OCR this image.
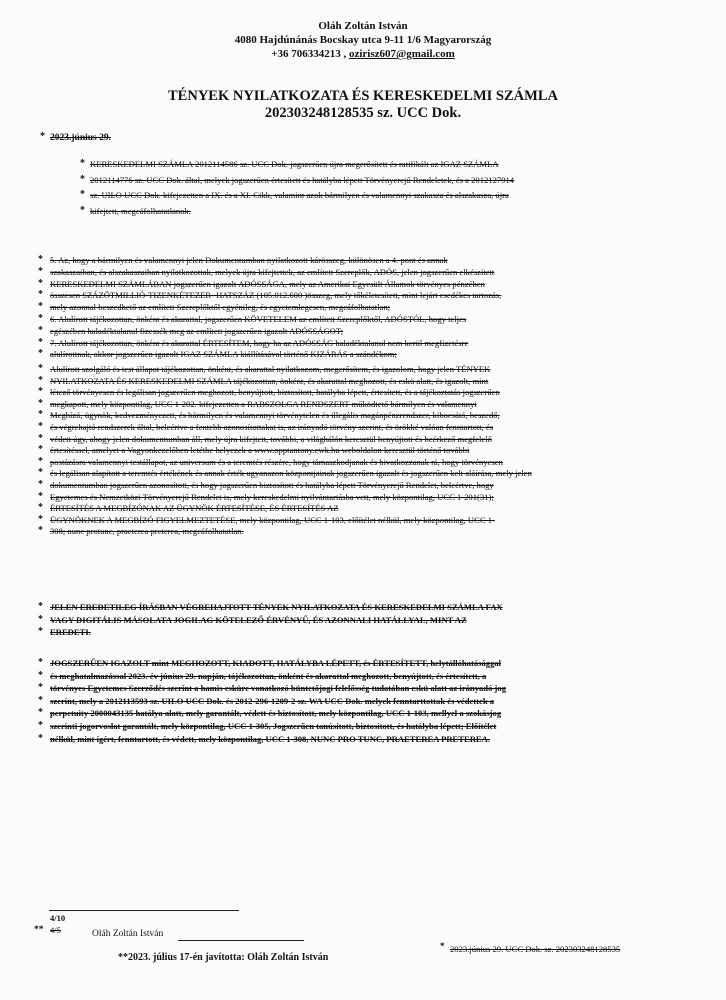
Oláh Zoltán István
4080 Hajdúnánás Bocskay utca 9-11 1/6 Magyarország
+36 706334213 , ozirisz607@gmail.com
TÉNYEK NYILATKOZATA ÉS KERESKEDELMI SZÁMLA
202303248128535 sz. UCC Dok.
* 2023.június 29.
* KERESKEDELMI SZÁMLA 2012114586 sz. UCC Dok. jogszerűen újra megerősített és ratifikált az IGAZ SZÁMLA
* 2012114776 sz. UCC Dok. által, melyek jogszerűen értesített és hatályba lépett Törvényerejű Rendeletek, és a 2012127914
* sz. UILO UCC Dok. kifejezetten a IX. és a XI. Cikk, valamint azok bármilyen és valamennyi szakasza és alszakasza, újra
* kifejtett, megcáfolhatatlanok.
* 5. Az, hogy a bármilyen és valamennyi jelen Dokumentumban nyilatkozott kárösszeg, különösen a 4. pont és annak
* szakaszaiban, és alszakaszaiban nyilatkozottak, melyek újra kifejtettek, az említett Szereplők, ADÓS, jelen jogszerűen elkészített
* KERESKEDELMI SZÁMLÁBAN jogszerűen igazolt ADÓSSÁGA, mely az Amerikai Egyesült Államok törvényes pénzében
* összesen SZÁZÖTMILLIÓ-TIZENKÉTEZER- HATSZÁZ (105.012.600 )összeg, mely tőkéletesített, mint lejárt esedékes tartozás,
* mely azonnal beszedhető az említett Szereplőktől egyénileg, és egyetemlegesen, megcáfolhatatlan;
* 6. Alulírott tájékozottan, önként és akarattal, jogszerűen KÖVETELEM az említett Szereplőktől, ADÓSTÓL, hogy teljes
* egészében haladéktalanul fizessék meg az említett jogszerűen igazolt ADÓSSÁGOT;
* 7. Alulírott tájékozottan, önként és akarattal ÉRTESÍTEM, hogy ha az ADÓSSÁG haladéktalanul nem kerül megfizetésre
* alulírottnak, akkor jogszerűen igazolt IGAZ SZÁMLA kiállításával történő KIZÁRÁS a szándékom;
* Alulírott szolgáló és test állapot tájékozottan, önként, és akarattal nyilatkozom, megerősítem, és igazolom, hogy jelen TÉNYEK
* NYILATKOZATA ÉS KERESKEDELMI SZÁMLA tájékozottan, önként, és akarattal meghozott, és eskü alatt, és igazolt, mint
* létező törvényesen és legálisan jogszerűen meghozott, benyújtott, biztosított, hatályba lépett, értesített, és a tájékoztatás jogszerűen
* megkapott, mely központilag, UCC 1-202. kifejezetten a RABSZOLGA RENDSZERT működtető bármilyen és valamennyi
* Megbízó, ügynök, kedvezményezett, és bármilyen és valamennyi törvénytelen és illegális magánpénzrendszer, kibocsátó, beszedő,
* és végrehajtó rendszerek által, beleértve a fentebb azonosítottakat is, az irányadó törvény szerint, és örökké valóan fenntartott, és
* védett úgy, ahogy jelen dokumentumban áll, mely újra kifejtett, további, a világhálón keresztül benyújtott és beérkező megfelelő
* értesítéssel, amelyet a Vagyonkezelőben letétbe helyezek a www.opptantony.ewk.hu weboldalon keresztül történő további
* postázásra valamennyi testállapot, az universum és a teremtés részére, hogy támaszkodjanak és hivatkozzanak rá, hogy törvényesen
* és legálisan alapított a teremtés értékének és annak érték ugyanazon központjainak jogszerűen igazolt és jogszerűen kelt aláírása, mely jelen
* dokumentumban jogszerűen azonosított, és hogy jogszerűen biztosított és hatályba lépett Törvényerejű Rendelet, beleértve, hogy
* Egyetemes és Nemzetközi Törvényerejű Rendelet is, mely kereskedelmi nyilvántartásba vett, mely központilag, UCC 1-201(31);
* ÉRTESÍTÉS A MEGBÍZÓNAK AZ ÜGYNÖK ÉRTESÍTÉSE, ÉS ÉRTESÍTÉS AZ
* ÜGYNÖKNEK A MEGBÍZÓ FIGYELMEZTETÉSE, mely központilag, UCC 1-103, előítélet nélkül, mely központilag, UCC 1-
* 308; nunc protunc, praeterea preterea, megcáfolhatatlan.
* JELEN EREDETILEG ÍRÁSBAN VÉGREHAJTOTT TÉNYEK NYILATKOZATA ÉS KERESKEDELMI SZÁMLA FAX
* VAGY DIGITÁLIS MÁSOLATA JOGILAG KÖTELEZŐ ÉRVÉNYŰ, ÉS AZONNALI HATÁLLYAL, MINT AZ
* EREDETI.
* JOGSZERŰEN IGAZOLT mint MEGHOZOTT, KIADOTT, HATÁLYBA LÉPETT, és ÉRTESÍTETT, helytállóhatósággal
* és meghatalmazással 2023. év június 29. napján, tájékozottan, önként és akarattal meghozott, benyújtott, és értesített, a
* törvényes Egyetemes Szerződés szerint a hamis esküre vonatkozó büntetőjogi felelősség tudatában eskü alatt az irányadó jog
* szerint, mely a 2012113593 sz. UILO UCC Dok. és 2012-296-1209-2 sz. WA UCC Dok. melyek fenntarttottak és védettek a
* perpetuity 2000043135 hatálya alatt, mely garantált, védett és biztosított, mely központilag, UCC 1-103, mellyel a szokásjog
* szerinti jogorvoslat garantált, mely központilag, UCC 1-305, Jogszerűen tanúsított, biztosított, és hatályba lépett; Előítélet
* nélkül, mint ígért, fenntartott, és védett, mely központilag, UCC 1-308, NUNC PRO TUNC, PRAETEREA PRETEREA.
4/10
** 4/5	Oláh Zoltán István
* 2023.június 29. UCC Dok. sz. 202303248128535
**2023. július 17-én javította: Oláh Zoltán István
